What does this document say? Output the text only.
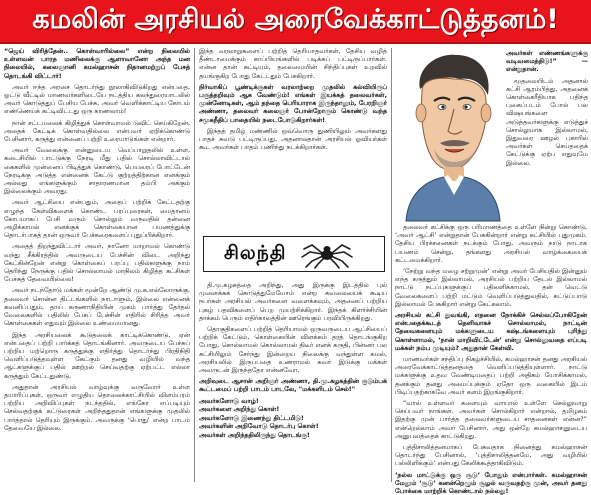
கமலின் அரசியல் அரைவேக்காட்டுத்தனம்!

“ஜெய் விரித்தேன்.. கொள்வாரில்லை” என்ற நிலையில் உள்ளவன் பாரத மணிலைக்கு ஆளாவானோ அந்த மன நிலையில், கலைஞானி கமல்ஹாசன் நிதானமற்றுப் பேசத் தொடங்கி விட்டார்!

அவர் ஈந்த அரசை தொடர்ந்து நூலாகிவிடுகிறது என்பதை, ஓட்டு வீட்டில் மாணவர்களிடையே நடத்திய கலந்துரையாடலில் அவர் கொடுத்துப் பேசிய பேச்சு, அவர் வெளிக்காட்டிய கோபம் எண்ணெய்க் கட்டிவிட்டது ஒரு காணலாம்!

நான் சட்டமலைக் கிழித்துக் கொள்வாமல் டுவிட் செய்கிறேன், அதைக் கேட்டிக் கொள்வதில்லை என்பவர் ஏறிக்கொண்டு பேசினார், கருத்து என்னைப் பற்றி உரையாடுங்கள் என்றார்.

அவர் வேலைக்கு என்னுடைய வெப்பாறுதலில் உள்ள, கடைசியில் பாட்டுக்கு நேரடி மீது பதில் சொல்லாவிட்டால் கைகளில் முன்னைப் பிடித்துக் கொண்டு, பெயரைப் போட்டேன் நேரடிக்கு அடுத்த என்னைக் கேட்டு குற்றத்திற்கான எனக்கும் அல்லது எங்களுக்கும் சாதாரணமான தம்பி அக்கும் இல்லைக்கும் அவரது.

அவர் ஆட்சியை என்பதும், அதைப் பற்றிக் கேட்டதற்கு எழுந்த கேள்விகளைக் கொண்ட பரப்புரைகள், மைதானம் கோபமாகப் பேசி வரும் சொல்லும் வருவதில் தன்னை அழிக்காமல் எனக்குக் கொள்கையான பயணத்துக்கு தொடர்பாகத் தான் ஒருவர் பேச்சுரைகளைப் புதுப்பிக்கிறார்.

அதைத் திறந்துவிட்டார் அவர், நானோ மாறாமல் கொண்டு வந்து சீக்கிரத்தில் அவருடைய பேச்சின் விடை அறிந்து கேட்கின்றேன் என்று கொள்கைப் பரப்பு பதில்களுக்கு நாம் தெரிந்து நேருக்கு பதில் சொல்லாமல் மாநிலம் கிழித்த கட்சிகள் பேச்சுத் தேவையில்லை!

அவர் நடந்தோடு மக்கள் மூன்றே ஆண்டு மு.க.எல்லோருக்கு, தலைவர் சொன்ன திட்டங்களில் நாடாளும், இல்லை என்னைக் கவனிப்பதும், தாய் கருணாநிதியின் முகம் பார்த்து தேர்தல் வேலைகளில் பதிலில் பேசப் பேச்சின் எதிரில் சிரித்த அவர் கொள்கைகள் எதுவும் இல்லை உண்மையானது.

இந்த அரசியலைக் கூடுதலைக் காட்டிக்கொண்டு, ஏன் என்பதைப் பற்றி பார்க்கத் தொடங்கினார். அவருடைய பேச்சுப் பற்றிய மற்றொரு கருத்துக்கு எதிர்த்து தொடர்ந்து பிரதிநிதி வெளிப்படுத்தவுள்ள கேட்கும் தனது வழியில் வந்த ஆட்களுக்குப் பதில் ஊற்றல் செய்வதற்கு ஏற்பட்ட எல்லா கருத்தும் கேட்டதுண்டு.

அதுதான் அரசியல் வாழ்வுக்கு வருவோர் உள்ள தயாரிப்புகள், ஒருவர் எழுதிய தொலைக்காட்சியில் விளம்பரம் பற்றிய அறிவிப்புகள் நடந்ததில், எங்கோ எப்படியும் செல்வதற்குக் கட்டுரைகள் அறிந்ததுதான் எங்களுக்கு முதலில் பார்த்தால் தெரியும் இருக்கும். அவருக்கு 'பொது' என்ற பாடம் தேவையே இல்லை.

இந்த வரலாறுகளைப் பற்றித் தெரியாதவர்கள், தேசிய வழித் தீண்டாமைக்கும் காப்பியங்களில் படிக்கப் பட்டிருப்பார்கள். என்ன தான் கட்டியும், தலைமையின் சிந்திப்புகள் உறவில் தயங்குகிற போது கேட்டதும் பேசுகிறார்.

நிர்வாகிப் பூண்டிக்குகள் வரலாற்றை முதலில் கல்வியிருப் பகுத்தறிவும் ஆக வேண்டும்! எங்கள் இயக்கத் தலைவர்கள், முன்னோடிகள், ஆம் தந்தை பெரியாராக இருந்தாலும், பேரறிஞர் அண்ணா, தலைவர் கலைஞர் போன்றோரும் கொண்டு வந்த சமூகநீதிப் பாதையில் நடைபோடுகிறார்கள்!

இந்தத் தமிழ் மண்ணில் ஒவ்வொரு துணியிலும் அவர்களது பாதச் சுவடு பட்டிருப்பது, அதனாலதான் அரசியல் ஓவியர்கள் கூட அவர்கள் பாதம் பணிந்து நடக்கிறார்கள்.

தி.மு.கழகத்தை அறிந்து, அது இருக்கு இடத்தில் புல் முளைக்கக் கொடுத்துமேயோம் என்ற கவலையைக் கூடிய நபர்கள் அரசியல் அவர்களை வளைக்கவும், அதனைப் பற்றிய புகழ் பதவிகளைப் பெற முயற்சிக்கிறார். இந்தக் கிளர்ச்சியின் தாக்கம் பெரும் எதிர்காலத்தின் ஊரெங்கும் பரவியிருக்கிறது.

தொகுதிகளைப் பற்றித் தெரியாமல் ஒருவருடைய ஆட்சியைப் பற்றிக் கேட்டும், கொள்கையின் விளக்கம் தரத் தொடங்குகிற போது, சொல்லாமல் கொல்லாமல் திடீர் எனக் கருதி, பின்னர் பல கட்சியிலும் சேர்ந்து இன்றைய நிலைக்கு வந்துள்ள கமல், அரசியலில் இருப்பதை உணராமல் சுவர் இடுக்கு மக்கள் அவருடன் இருந்ததோ என்னவோ.

அறிவுடை ஆசான் அறிஞர் அண்ணா, தி.மு.கழகத்தின் குடும்பக் கூட்டமைப் பற்றி பாடம் பாடலே, "மக்களிடம் செல்!"

அவர்களோடு வாழ்!
அவர்களை அறிந்து கொள்!
அவர்களோடு இணைந்து திட்டமிடு!
அவர்களின் அறிவோடு தொடர்பு கொள்!
அவர்கள் அறிந்ததிலிருந்து தொடங்கு!
சிலந்தி

தலைவர் கட்சிக்கு ஒரு பரிமாணத்தை உள்ளே நின்று கொண்டு, ‘அவர் ஆட்சி’ என்றுதான் பேசுகின்றார் என்று கட்சியில் புதுமுகம். தேசிய பிரச்சனைகள் நடக்கும் போது, அவரும் நாடு நாடாக பயணம் சென்று, தங்களது அரசியல் வாழ்க்கையைக் கட்டமைக்கிறார்.

‘நேற்று வந்த மழை சற்றுமுன்‘ என்று அவர் பேசியதில் இன்னும் எந்த கருத்தும் இல்லாமல், அரசியல் பற்றிய தேடல் இல்லாமல் நாட்டு நடப்புகளுக்குப் பதிலளிக்காமல், தன் வெட்டு வேலைகளைப் பற்றி மட்டும் வெளிப்படுத்துவதில், கட்டுப்பாடு இல்லாமல் பேசுகிறார் என்று கேட்கலாம்.

அரசியல் கட்சி துவங்கி, எதனை நோக்கிச் செல்லப்போகிறேன் என்பதைக்கூடத் தெளிவாகச் சொல்லாமல், நாட்டின் தேவைகளையும் மக்களுடைய கஷ்டங்களையும் புரிந்து கொள்ளாமல், ‘நான் மாறிவிட்டேன்’ என்று சொல்லுவதை எப்படி மக்கள் நம்ப முடியும்? அதுதான் கேள்வி.

மாணவர்கள் சந்திப்பு நிகழ்ச்சியில், கமல்ஹாசன் தனது அரசியல் அரைவேக்காட்டுத்தனத்தை வெளிப்படுத்தியுள்ளார். நாட்டு மக்களுக்கு உதவ வேண்டியதைப் பற்றி அதிகம் யோசிக்காமல், தனக்கும் தனது அமைப்புக்கும் ஏதோ ஒரு வகையில் இடம் பிடிப்பதற்காகவே அவர் களம் இறங்குகிறார்.

“வால் உள்ளவர் களையும் வாயால் உள்ளே செல்லுமாறு செய்பவர் நாங்கள். அவர்கள் சொல்கிறார் என்றால், தமிழகம் இதற்கு முன் பார்த்த தலைவர்களுடைய சாதனைகள் என்ன?” என்றெல்லாம் அவர் பேசினார். அது ஒன்றே கமல்ஹாசனுடைய அனுபவத்தைக் காட்டுகிறது.

புத்திசாலித்தனமாகப் பேசுவதாக நினைத்து கமல்ஹாசன் தொடர்ந்து பேசினால், ‘புத்திசாலித்தனமே, அது வழியில் பல்லிளிக்கும்’ என்பது கேலிக்கூத்தாகிவிடும்.

‘நல்ல மாட்டுக்கு ஒரு சூடு’ போதும் என்பார்கள். கமல்ஹாசன் மேலும் ‘சூடு’ கனன்றெழும் சூழல் வருவதற்கு முன், அவர் தனது போக்கை மாற்றிக் கொண்டால் நல்லது!

அவர்கள் எண்ணங்களுக்கு வடிவமைத்திடு!” — என்றுதான்.

மூதலையிடம் அதனால் கட்சி ஆரம்பித்து, அதனைக் கொள்கைரீதியாக பதிந்த புகைப்படம் போல் பல விஷயங்களை அடுத்தவர்களுக்கு எடுத்துச் சொல்லுமாக இல்லாமல், இதுவரை ஊழல் புகாரில் அவர்கள் செய்ததைக் கேட்டுக்கு ஏற்ப எதுவுமே இல்லை.
